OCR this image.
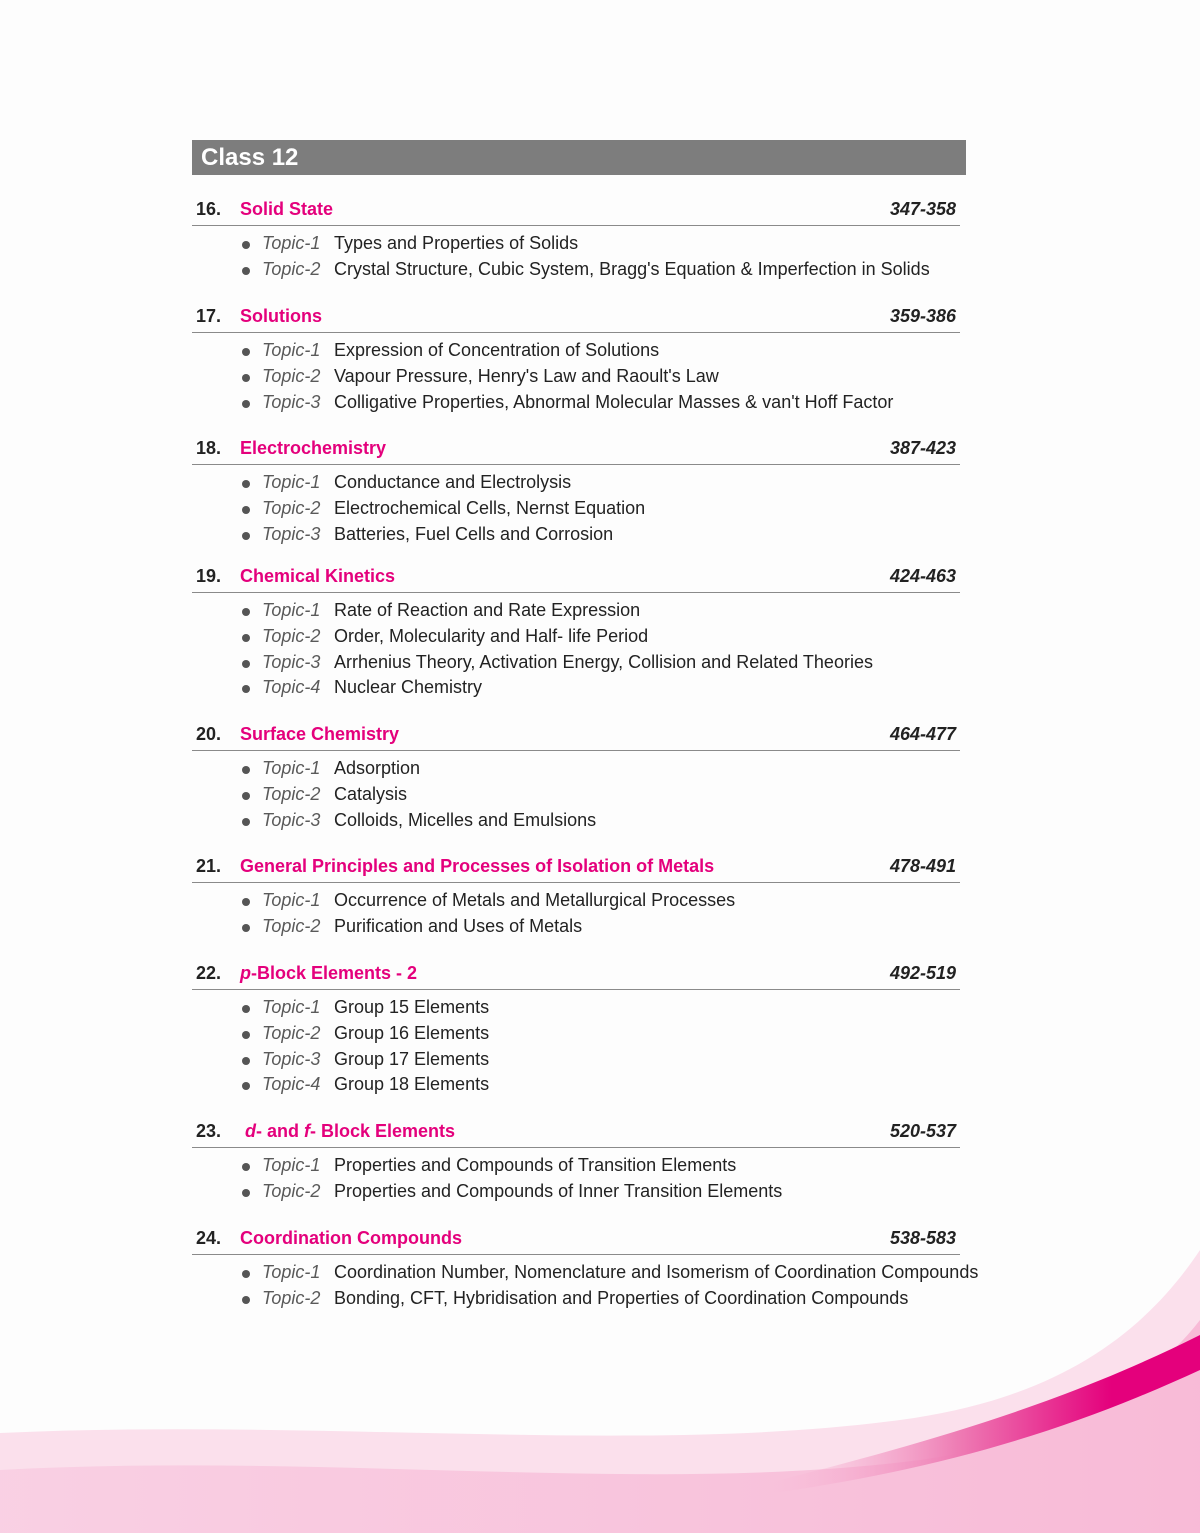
Class 12
16. Solid State	347-358
Topic-1 Types and Properties of Solids
Topic-2 Crystal Structure, Cubic System, Bragg's Equation & Imperfection in Solids
17. Solutions	359-386
Topic-1 Expression of Concentration of Solutions
Topic-2 Vapour Pressure, Henry's Law and Raoult's Law
Topic-3 Colligative Properties, Abnormal Molecular Masses & van't Hoff Factor
18. Electrochemistry	387-423
Topic-1 Conductance and Electrolysis
Topic-2 Electrochemical Cells, Nernst Equation
Topic-3 Batteries, Fuel Cells and Corrosion
19. Chemical Kinetics	424-463
Topic-1 Rate of Reaction and Rate Expression
Topic-2 Order, Molecularity and Half- life Period
Topic-3 Arrhenius Theory, Activation Energy, Collision and Related Theories
Topic-4 Nuclear Chemistry
20. Surface Chemistry	464-477
Topic-1 Adsorption
Topic-2 Catalysis
Topic-3 Colloids, Micelles and Emulsions
21. General Principles and Processes of Isolation of Metals	478-491
Topic-1 Occurrence of Metals and Metallurgical Processes
Topic-2 Purification and Uses of Metals
22. p-Block Elements - 2	492-519
Topic-1 Group 15 Elements
Topic-2 Group 16 Elements
Topic-3 Group 17 Elements
Topic-4 Group 18 Elements
23. d- and f- Block Elements	520-537
Topic-1 Properties and Compounds of Transition Elements
Topic-2 Properties and Compounds of Inner Transition Elements
24. Coordination Compounds	538-583
Topic-1 Coordination Number, Nomenclature and Isomerism of Coordination Compounds
Topic-2 Bonding, CFT, Hybridisation and Properties of Coordination Compounds
